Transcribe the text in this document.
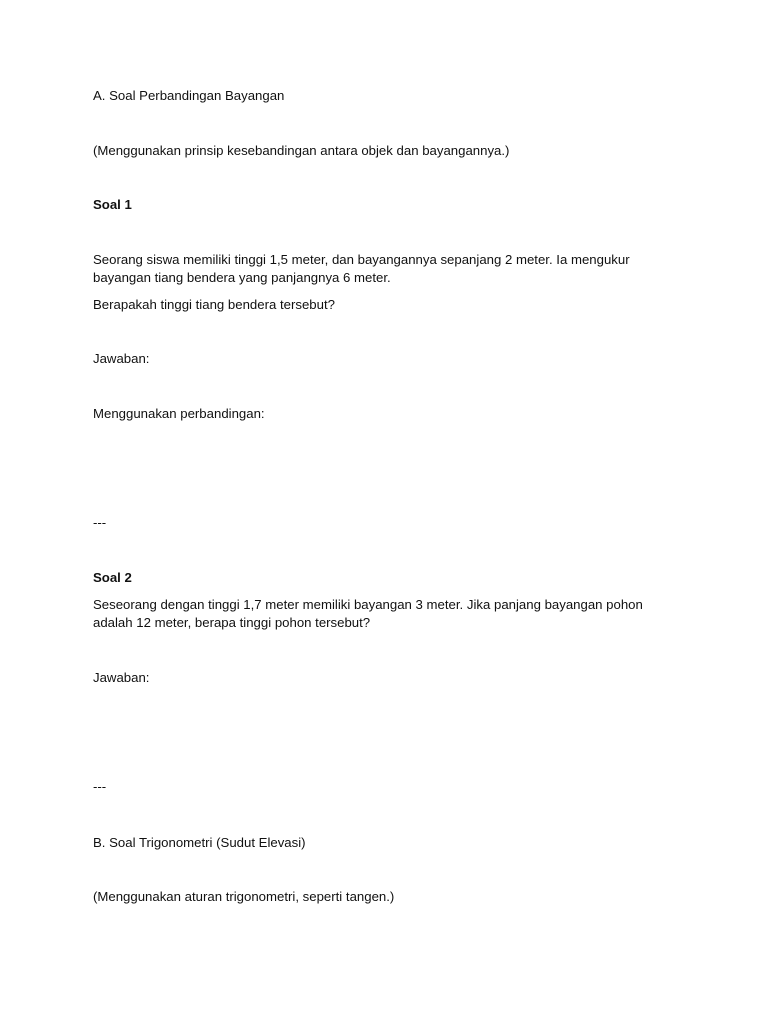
A. Soal Perbandingan Bayangan

(Menggunakan prinsip kesebandingan antara objek dan bayangannya.)

Soal 1

Seorang siswa memiliki tinggi 1,5 meter, dan bayangannya sepanjang 2 meter. Ia mengukur bayangan tiang bendera yang panjangnya 6 meter.

Berapakah tinggi tiang bendera tersebut?

Jawaban:

Menggunakan perbandingan:

---

Soal 2

Seseorang dengan tinggi 1,7 meter memiliki bayangan 3 meter. Jika panjang bayangan pohon adalah 12 meter, berapa tinggi pohon tersebut?

Jawaban:

---

B. Soal Trigonometri (Sudut Elevasi)

(Menggunakan aturan trigonometri, seperti tangen.)
